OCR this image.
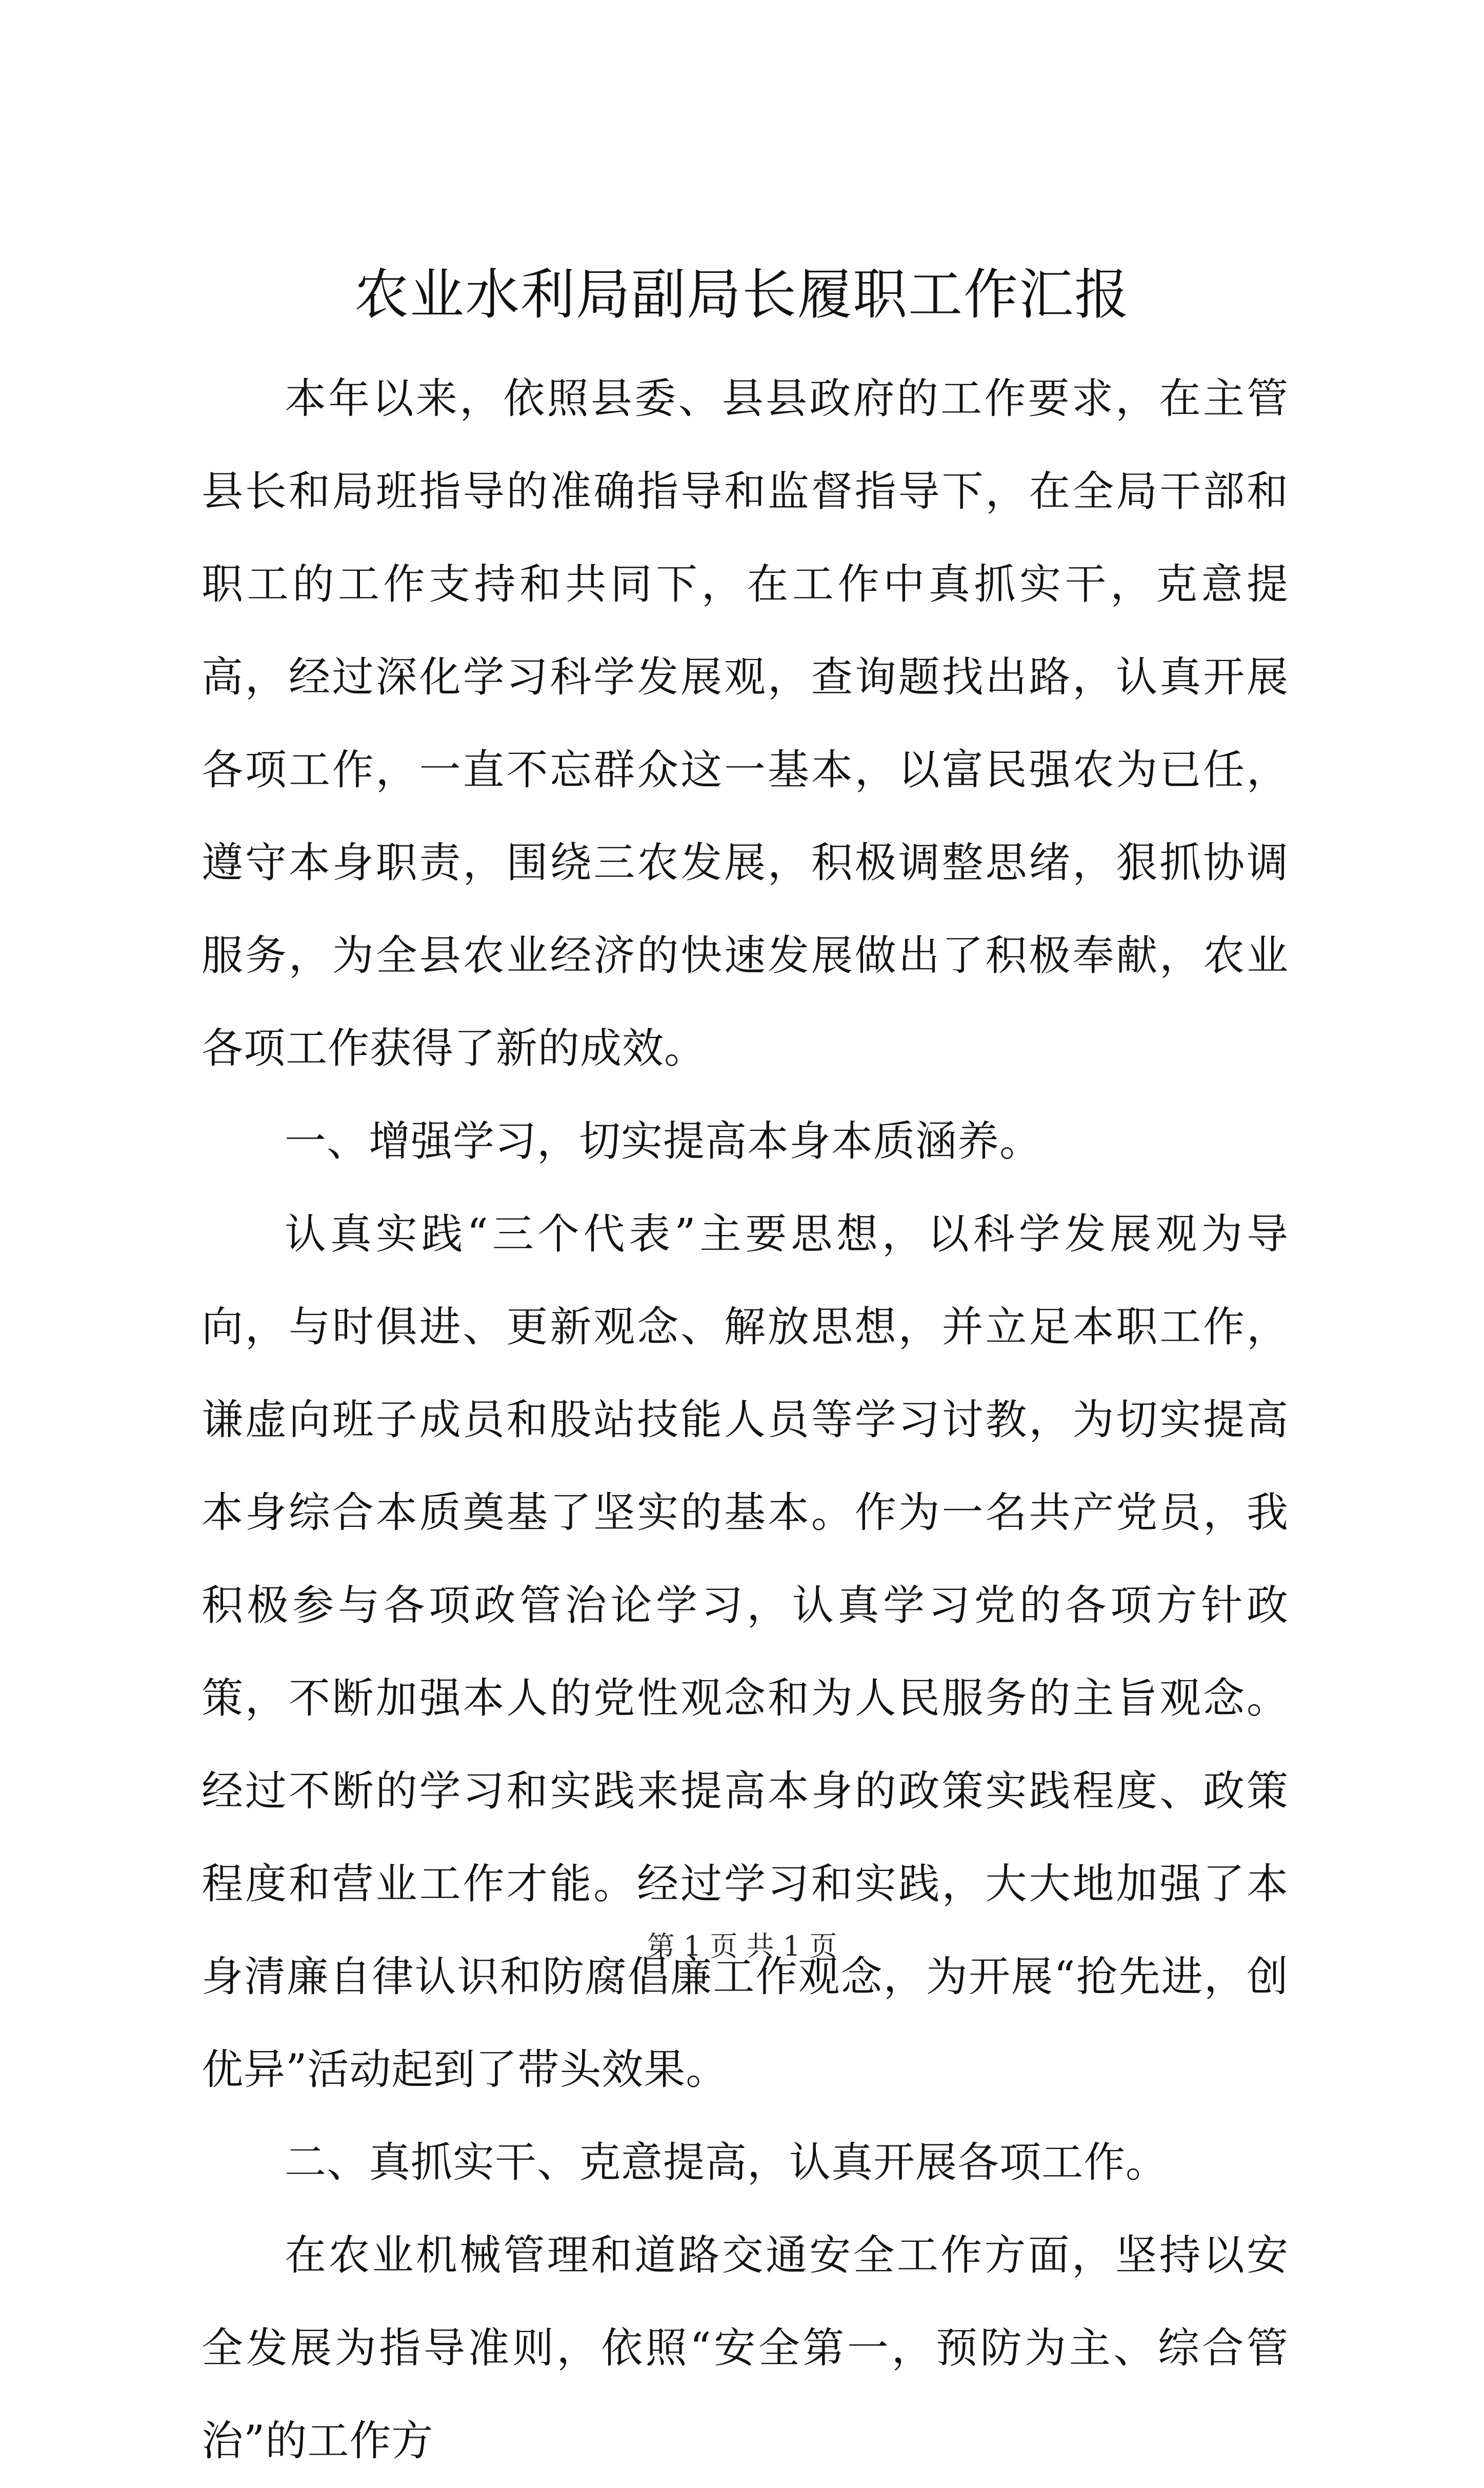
农业水利局副局长履职工作汇报

本年以来，依照县委、县县政府的工作要求，在主管县长和局班指导的准确指导和监督指导下，在全局干部和职工的工作支持和共同下，在工作中真抓实干，克意提高，经过深化学习科学发展观，查询题找出路，认真开展各项工作，一直不忘群众这一基本，以富民强农为已任，遵守本身职责，围绕三农发展，积极调整思绪，狠抓协调服务，为全县农业经济的快速发展做出了积极奉献，农业各项工作获得了新的成效。

一、增强学习，切实提高本身本质涵养。

认真实践“三个代表”主要思想，以科学发展观为导向，与时俱进、更新观念、解放思想，并立足本职工作，谦虚向班子成员和股站技能人员等学习讨教，为切实提高本身综合本质奠基了坚实的基本。作为一名共产党员，我积极参与各项政管治论学习，认真学习党的各项方针政策，不断加强本人的党性观念和为人民服务的主旨观念。经过不断的学习和实践来提高本身的政策实践程度、政策程度和营业工作才能。经过学习和实践，大大地加强了本身清廉自律认识和防腐倡廉工作观念，为开展“抢先进，创优异”活动起到了带头效果。

二、真抓实干、克意提高，认真开展各项工作。

在农业机械管理和道路交通安全工作方面，坚持以安全发展为指导准则，依照“安全第一，预防为主、综合管治”的工作方

第 1 页 共 1 页
